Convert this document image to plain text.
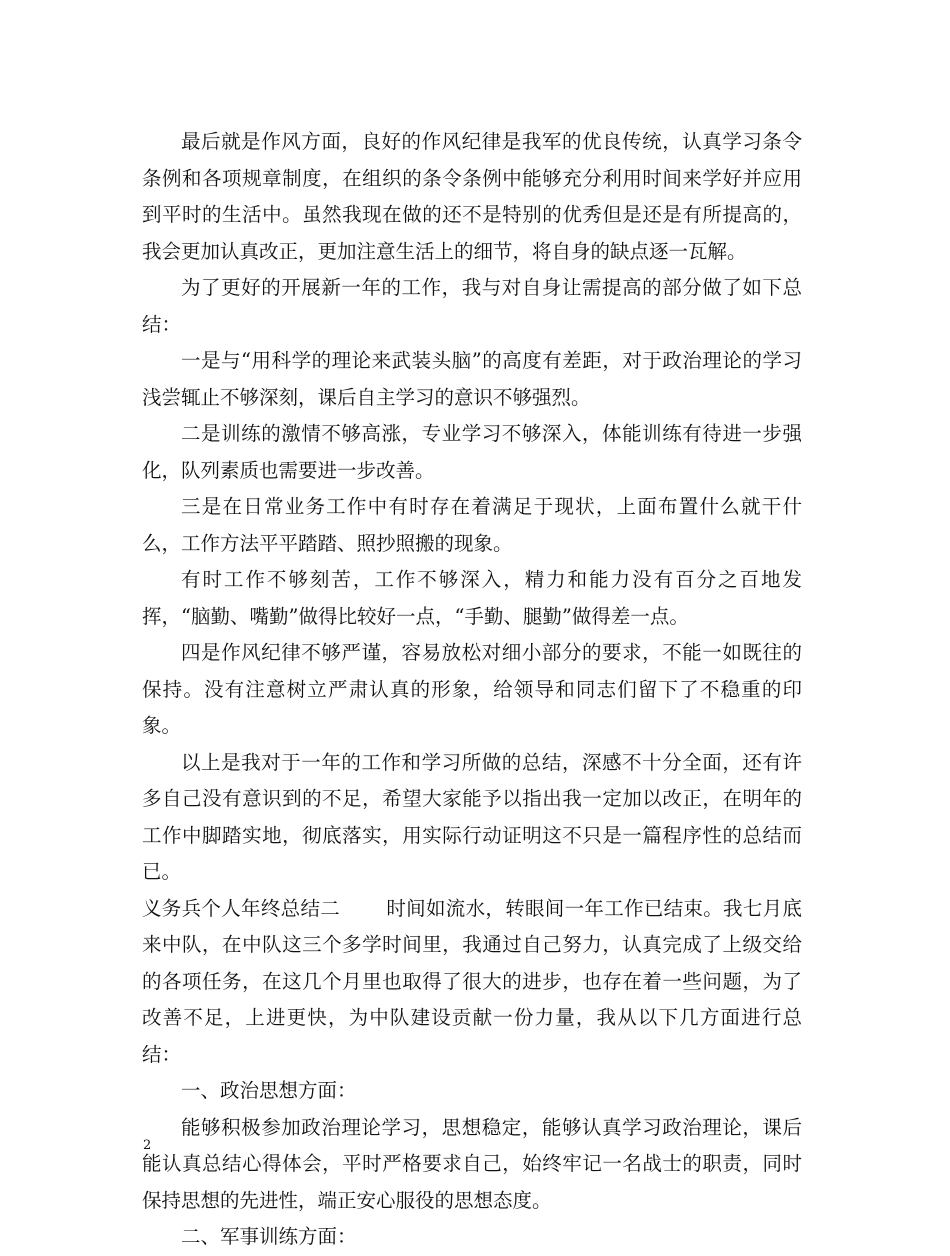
最后就是作风方面，良好的作风纪律是我军的优良传统，认真学习条令条例和各项规章制度，在组织的条令条例中能够充分利用时间来学好并应用到平时的生活中。虽然我现在做的还不是特别的优秀但是还是有所提高的，我会更加认真改正，更加注意生活上的细节，将自身的缺点逐一瓦解。

为了更好的开展新一年的工作，我与对自身让需提高的部分做了如下总结：

一是与“用科学的理论来武装头脑”的高度有差距，对于政治理论的学习浅尝辄止不够深刻，课后自主学习的意识不够强烈。

二是训练的激情不够高涨，专业学习不够深入，体能训练有待进一步强化，队列素质也需要进一步改善。

三是在日常业务工作中有时存在着满足于现状，上面布置什么就干什么，工作方法平平踏踏、照抄照搬的现象。

有时工作不够刻苦，工作不够深入，精力和能力没有百分之百地发挥，“脑勤、嘴勤”做得比较好一点，“手勤、腿勤”做得差一点。

四是作风纪律不够严谨，容易放松对细小部分的要求，不能一如既往的保持。没有注意树立严肃认真的形象，给领导和同志们留下了不稳重的印象。

以上是我对于一年的工作和学习所做的总结，深感不十分全面，还有许多自己没有意识到的不足，希望大家能予以指出我一定加以改正，在明年的工作中脚踏实地，彻底落实，用实际行动证明这不只是一篇程序性的总结而已。

义务兵个人年终总结二 时间如流水，转眼间一年工作已结束。我七月底来中队，在中队这三个多学时间里，我通过自己努力，认真完成了上级交给的各项任务，在这几个月里也取得了很大的进步，也存在着一些问题，为了改善不足，上进更快，为中队建设贡献一份力量，我从以下几方面进行总结：

一、政治思想方面：

能够积极参加政治理论学习，思想稳定，能够认真学习政治理论，课后能认真总结心得体会，平时严格要求自己，始终牢记一名战士的职责，同时保持思想的先进性，端正安心服役的思想态度。

二、军事训练方面：

2
